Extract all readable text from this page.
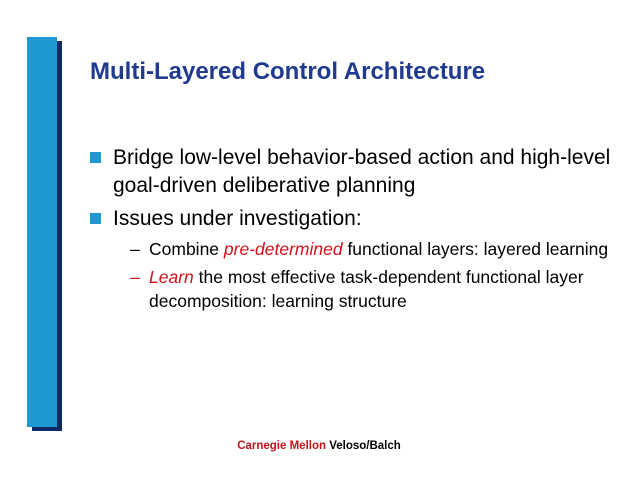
Multi-Layered Control Architecture
Bridge low-level behavior-based action and high-level goal-driven deliberative planning
Issues under investigation:
– Combine pre-determined functional layers: layered learning
– Learn the most effective task-dependent functional layer decomposition: learning structure
Carnegie Mellon Veloso/Balch
